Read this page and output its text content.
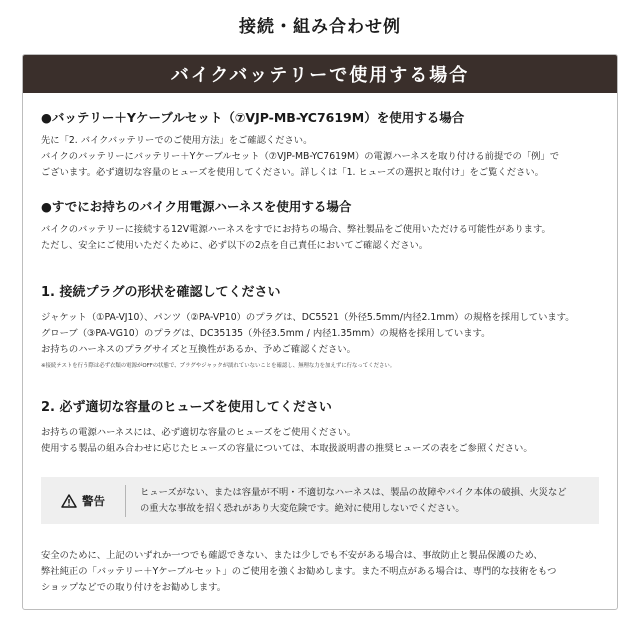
接続・組み合わせ例
バイクバッテリーで使用する場合
●バッテリー＋Yケーブルセット（⑦VJP-MB-YC7619M）を使用する場合
先に「2. バイクバッテリーでのご使用方法」をご確認ください。
バイクのバッテリーにバッテリー＋Yケーブルセット（⑦VJP-MB-YC7619M）の電源ハーネスを取り付ける前提での「例」で
ございます。必ず適切な容量のヒューズを使用してください。詳しくは「1. ヒューズの選択と取付け」をご覧ください。
●すでにお持ちのバイク用電源ハーネスを使用する場合
バイクのバッテリーに接続する12V電源ハーネスをすでにお持ちの場合、弊社製品をご使用いただける可能性があります。
ただし、安全にご使用いただくために、必ず以下の2点を自己責任においてご確認ください。
1. 接続プラグの形状を確認してください
ジャケット（①PA-VJ10）、パンツ（②PA-VP10）のプラグは、DC5521（外径5.5mm/内径2.1mm）の規格を採用しています。
グローブ（③PA-VG10）のプラグは、DC35135（外径3.5mm / 内径1.35mm）の規格を採用しています。
お持ちのハーネスのプラグサイズと互換性があるか、予めご確認ください。
※接続テストを行う際は必ず衣類の電源がOFFの状態で、プラグやジャックが濡れていないことを確認し、無理な力を加えずに行なってください。
2. 必ず適切な容量のヒューズを使用してください
お持ちの電源ハーネスには、必ず適切な容量のヒューズをご使用ください。
使用する製品の組み合わせに応じたヒューズの容量については、本取扱説明書の推奨ヒューズの表をご参照ください。
警告
ヒューズがない、または容量が不明・不適切なハーネスは、製品の故障やバイク本体の破損、火災など
の重大な事故を招く恐れがあり大変危険です。絶対に使用しないでください。
安全のために、上記のいずれか一つでも確認できない、または少しでも不安がある場合は、事故防止と製品保護のため、
弊社純正の「バッテリー＋Yケーブルセット」のご使用を強くお勧めします。また不明点がある場合は、専門的な技術をもつ
ショップなどでの取り付けをお勧めします。
